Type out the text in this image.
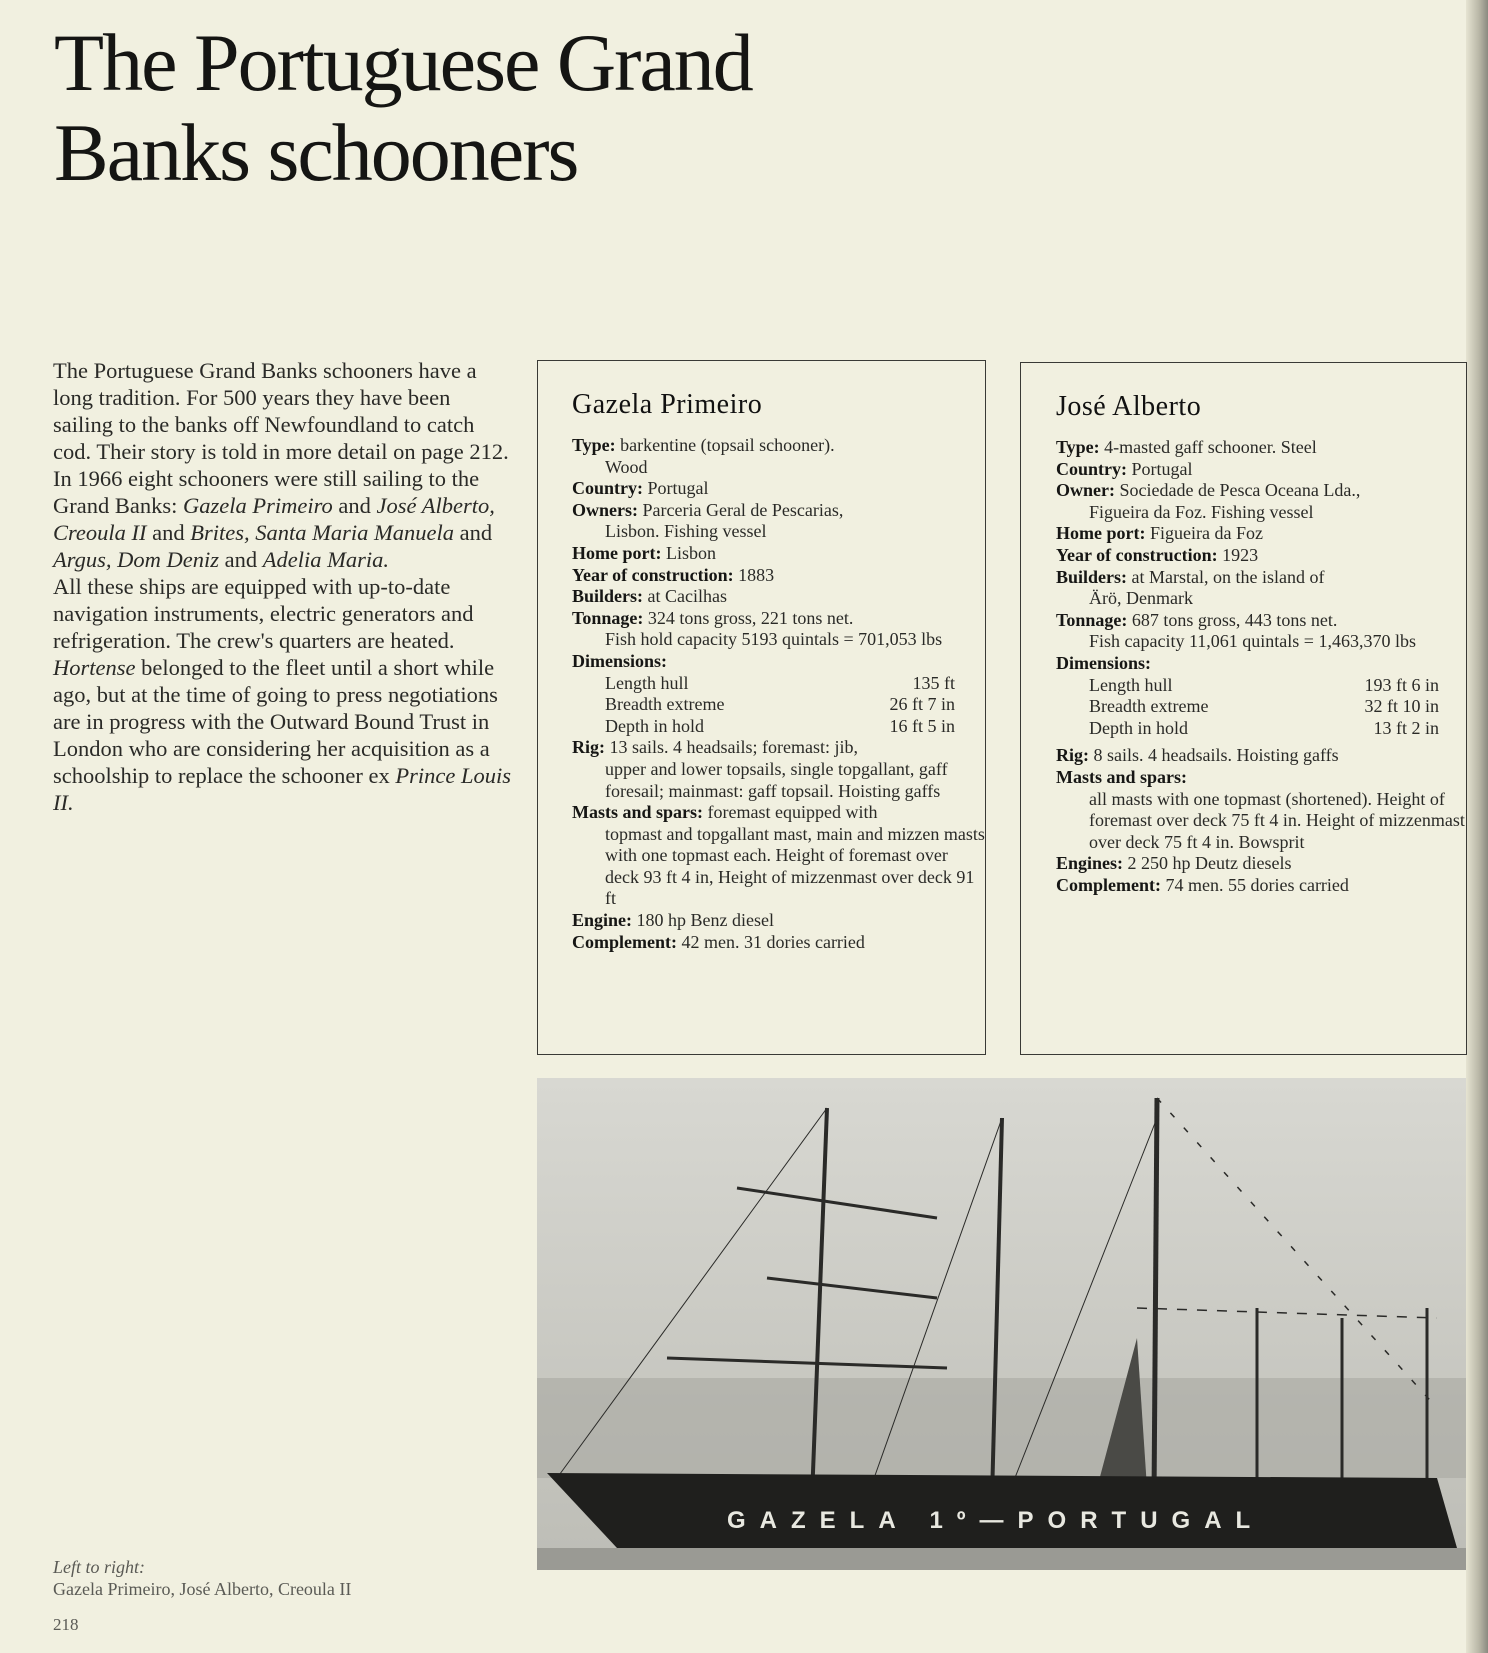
The Portuguese Grand Banks schooners

The Portuguese Grand Banks schooners have a long tradition. For 500 years they have been sailing to the banks off Newfoundland to catch cod. Their story is told in more detail on page 212.

In 1966 eight schooners were still sailing to the Grand Banks: Gazela Primeiro and José Alberto, Creoula II and Brites, Santa Maria Manuela and Argus, Dom Deniz and Adelia Maria.

All these ships are equipped with up-to-date navigation instruments, electric generators and refrigeration. The crew's quarters are heated.

Hortense belonged to the fleet until a short while ago, but at the time of going to press negotiations are in progress with the Outward Bound Trust in London who are considering her acquisition as a schoolship to replace the schooner ex Prince Louis II.

Gazela Primeiro
Type: barkentine (topsail schooner).
Wood
Country: Portugal
Owners: Parceria Geral de Pescarias,
Lisbon. Fishing vessel
Home port: Lisbon
Year of construction: 1883
Builders: at Cacilhas
Tonnage: 324 tons gross, 221 tons net.
Fish hold capacity 5193 quintals = 701,053 lbs
Dimensions:
Length hull	135 ft
Breadth extreme	26 ft 7 in
Depth in hold	16 ft 5 in
Rig: 13 sails. 4 headsails; foremast: jib,
upper and lower topsails, single topgallant, gaff foresail; mainmast: gaff topsail. Hoisting gaffs
Masts and spars: foremast equipped with
topmast and topgallant mast, main and mizzen masts with one topmast each. Height of foremast over deck 93 ft 4 in, Height of mizzenmast over deck 91 ft
Engine: 180 hp Benz diesel
Complement: 42 men. 31 dories carried
José Alberto
Type: 4-masted gaff schooner. Steel
Country: Portugal
Owner: Sociedade de Pesca Oceana Lda.,
Figueira da Foz. Fishing vessel
Home port: Figueira da Foz
Year of construction: 1923
Builders: at Marstal, on the island of
Ärö, Denmark
Tonnage: 687 tons gross, 443 tons net.
Fish capacity 11,061 quintals = 1,463,370 lbs
Dimensions:
Length hull	193 ft 6 in
Breadth extreme	32 ft 10 in
Depth in hold	13 ft 2 in
Rig: 8 sails. 4 headsails. Hoisting gaffs
Masts and spars:
all masts with one topmast (shortened). Height of foremast over deck 75 ft 4 in. Height of mizzenmast over deck 75 ft 4 in. Bowsprit
Engines: 2 250 hp Deutz diesels
Complement: 74 men. 55 dories carried
GAZELA 1º—PORTUGAL
Left to right:
Gazela Primeiro, José Alberto, Creoula II
218
